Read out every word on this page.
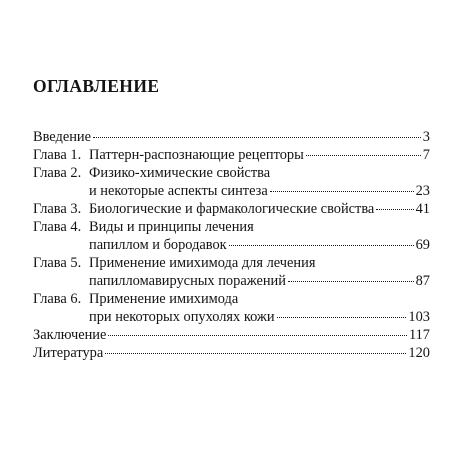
ОГЛАВЛЕНИЕ
Введение	3
Глава 1. Паттерн-распознающие рецепторы	7
Глава 2. Физико-химические свойства
и некоторые аспекты синтеза	23
Глава 3. Биологические и фармакологические свойства	41
Глава 4. Виды и принципы лечения
папиллом и бородавок	69
Глава 5. Применение имихимода для лечения
папилломавирусных поражений	87
Глава 6. Применение имихимода
при некоторых опухолях кожи	103
Заключение	117
Литература	120
